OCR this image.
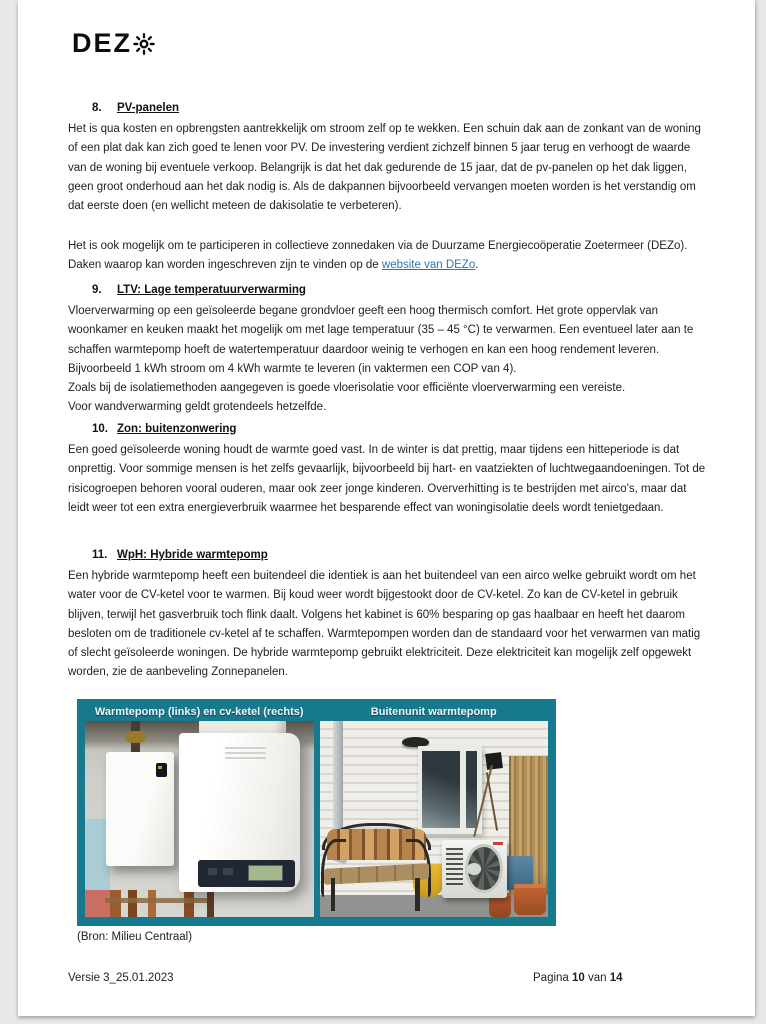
DEZ
8. PV-panelen

Het is qua kosten en opbrengsten aantrekkelijk om stroom zelf op te wekken. Een schuin dak aan de zonkant van de woning of een plat dak kan zich goed te lenen voor PV. De investering verdient zichzelf binnen 5 jaar terug en verhoogt de waarde van de woning bij eventuele verkoop. Belangrijk is dat het dak gedurende de 15 jaar, dat de pv-panelen op het dak liggen, geen groot onderhoud aan het dak nodig is. Als de dakpannen bijvoorbeeld vervangen moeten worden is het verstandig om dat eerste doen (en wellicht meteen de dakisolatie te verbeteren).

Het is ook mogelijk om te participeren in collectieve zonnedaken via de Duurzame Energiecoöperatie Zoetermeer (DEZo). Daken waarop kan worden ingeschreven zijn te vinden op de website van DEZo.
9. LTV: Lage temperatuurverwarming

Vloerverwarming op een geïsoleerde begane grondvloer geeft een hoog thermisch comfort. Het grote oppervlak van woonkamer en keuken maakt het mogelijk om met lage temperatuur (35 – 45 °C) te verwarmen. Een eventueel later aan te schaffen warmtepomp hoeft de watertemperatuur daardoor weinig te verhogen en kan een hoog rendement leveren. Bijvoorbeeld 1 kWh stroom om 4 kWh warmte te leveren (in vaktermen een COP van 4).

Zoals bij de isolatiemethoden aangegeven is goede vloerisolatie voor efficiënte vloerverwarming een vereiste.

Voor wandverwarming geldt grotendeels hetzelfde.

10. Zon: buitenzonwering

Een goed geïsoleerde woning houdt de warmte goed vast. In de winter is dat prettig, maar tijdens een hitteperiode is dat onprettig. Voor sommige mensen is het zelfs gevaarlijk, bijvoorbeeld bij hart- en vaatziekten of luchtwegaandoeningen. Tot de risicogroepen behoren vooral ouderen, maar ook zeer jonge kinderen. Oververhitting is te bestrijden met airco's, maar dat leidt weer tot een extra energieverbruik waarmee het besparende effect van woningisolatie deels wordt tenietgedaan.

11. WpH: Hybride warmtepomp

Een hybride warmtepomp heeft een buitendeel die identiek is aan het buitendeel van een airco welke gebruikt wordt om het water voor de CV-ketel voor te warmen. Bij koud weer wordt bijgestookt door de CV-ketel. Zo kan de CV-ketel in gebruik blijven, terwijl het gasverbruik toch flink daalt. Volgens het kabinet is 60% besparing op gas haalbaar en heeft het daarom besloten om de traditionele cv-ketel af te schaffen. Warmtepompen worden dan de standaard voor het verwarmen van matig of slecht geïsoleerde woningen. De hybride warmtepomp gebruikt elektriciteit. Deze elektriciteit kan mogelijk zelf opgewekt worden, zie de aanbeveling Zonnepanelen.

Warmtepomp (links) en cv-ketel (rechts)	Buitenunit warmtepomp
(Bron: Milieu Centraal)
Versie 3_25.01.2023	Pagina 10 van 14
